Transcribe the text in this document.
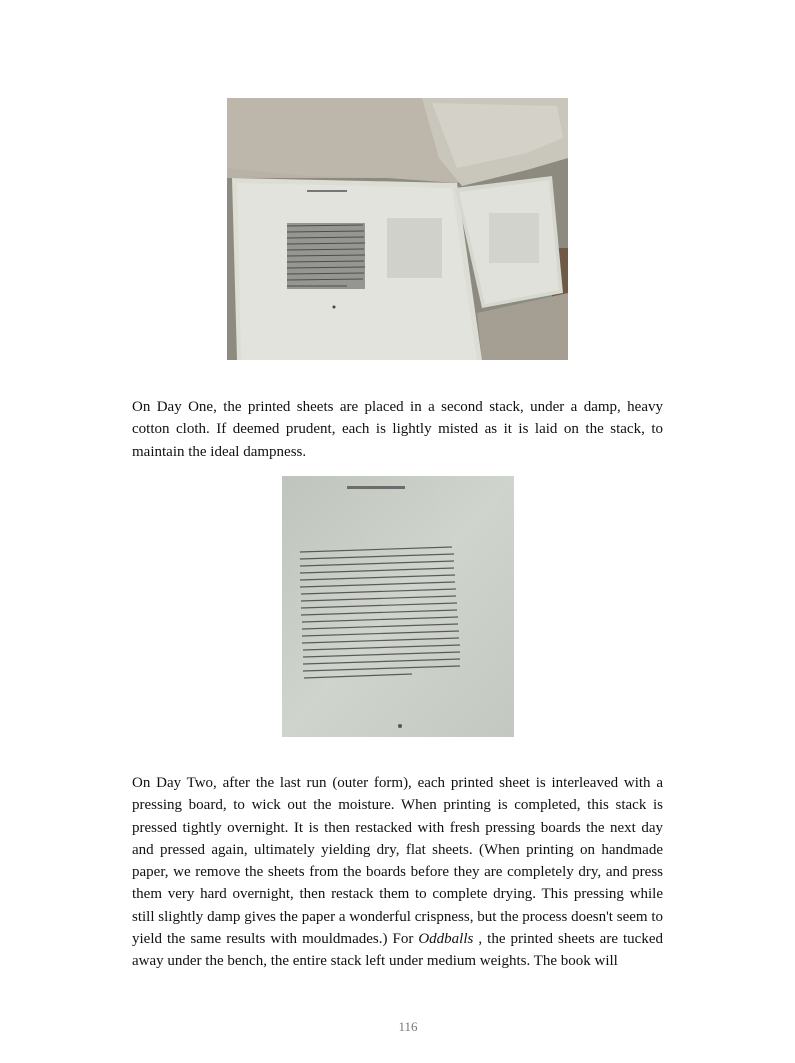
On Day One, the printed sheets are placed in a second stack, under a damp, heavy cotton cloth. If deemed prudent, each is lightly misted as it is laid on the stack, to maintain the ideal dampness.

On Day Two, after the last run (outer form), each printed sheet is interleaved with a pressing board, to wick out the moisture. When printing is completed, this stack is pressed tightly overnight. It is then restacked with fresh pressing boards the next day and pressed again, ultimately yielding dry, flat sheets. (When printing on handmade paper, we remove the sheets from the boards before they are completely dry, and press them very hard overnight, then restack them to complete drying. This pressing while still slightly damp gives the paper a wonderful crispness, but the process doesn't seem to yield the same results with mouldmades.) For Oddballs , the printed sheets are tucked away under the bench, the entire stack left under medium weights. The book will

116
